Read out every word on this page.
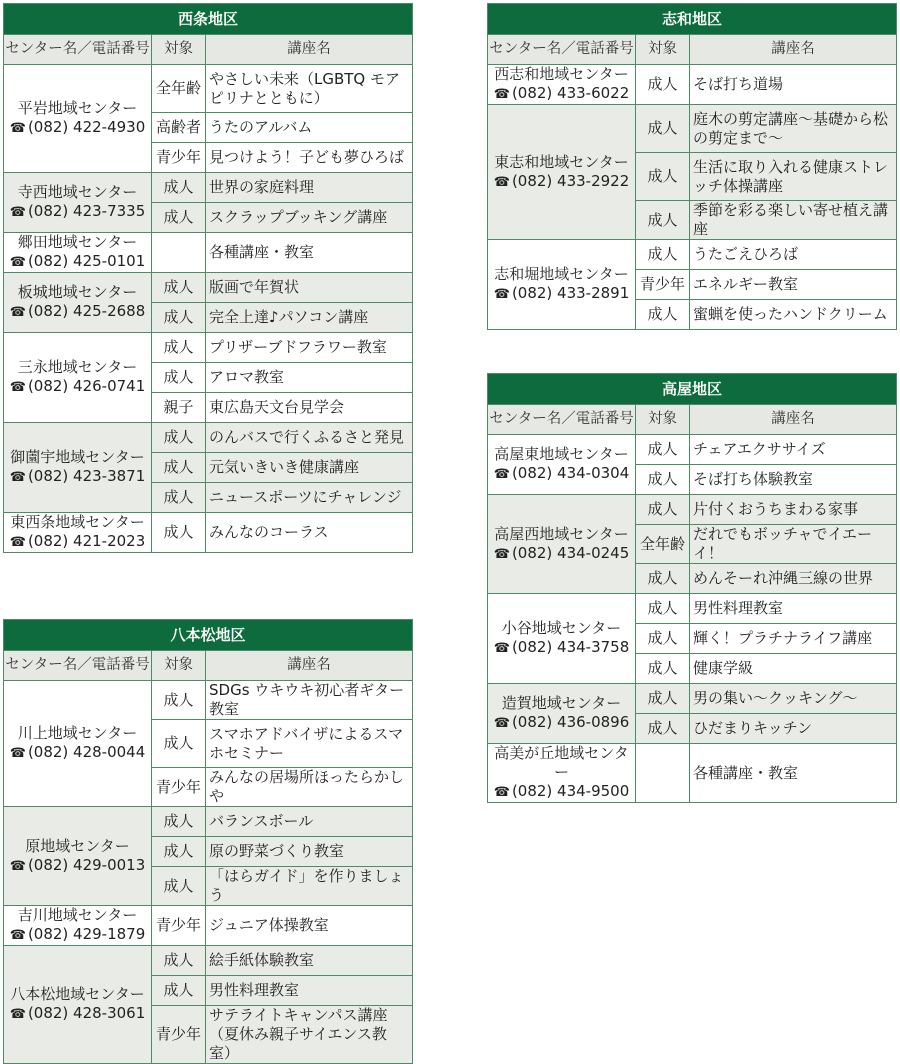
西条地区		
センター名／電話番号	対象	講座名

平岩地域センター
☎ (082) 422-4930	全年齢	やさしい未来（LGBTQ モアピリナとともに）
	高齢者	うたのアルバム
	青少年	見つけよう！子ども夢ひろば

寺西地域センター
☎ (082) 423-7335	成人	世界の家庭料理
	成人	スクラップブッキング講座

郷田地域センター
☎ (082) 425-0101		各種講座・教室

板城地域センター
☎ (082) 425-2688	成人	版画で年賀状
	成人	完全上達♪パソコン講座

三永地域センター
☎ (082) 426-0741	成人	プリザーブドフラワー教室
	成人	アロマ教室
	親子	東広島天文台見学会

御薗宇地域センター
☎ (082) 423-3871	成人	のんバスで行くふるさと発見
	成人	元気いきいき健康講座
	成人	ニュースポーツにチャレンジ

東西条地域センター
☎ (082) 421-2023	成人	みんなのコーラス
八本松地区		
センター名／電話番号	対象	講座名

川上地域センター
☎ (082) 428-0044	成人	SDGs ウキウキ初心者ギター教室
	成人	スマホアドバイザによるスマホセミナー
	青少年	みんなの居場所ほったらかしや

原地域センター
☎ (082) 429-0013	成人	バランスボール
	成人	原の野菜づくり教室
	成人	「はらガイド」を作りましょう

吉川地域センター
☎ (082) 429-1879	青少年	ジュニア体操教室

八本松地域センター
☎ (082) 428-3061	成人	絵手紙体験教室
	成人	男性料理教室
	青少年	サテライトキャンパス講座（夏休み親子サイエンス教室）
志和地区		
センター名／電話番号	対象	講座名

西志和地域センター
☎ (082) 433-6022	成人	そば打ち道場

東志和地域センター
☎ (082) 433-2922	成人	庭木の剪定講座～基礎から松の剪定まで～
	成人	生活に取り入れる健康ストレッチ体操講座
	成人	季節を彩る楽しい寄せ植え講座

志和堀地域センター
☎ (082) 433-2891	成人	うたごえひろば
	青少年	エネルギー教室
	成人	蜜蝋を使ったハンドクリーム
高屋地区		
センター名／電話番号	対象	講座名

高屋東地域センター
☎ (082) 434-0304	成人	チェアエクササイズ
	成人	そば打ち体験教室

高屋西地域センター
☎ (082) 434-0245	成人	片付くおうちまわる家事
	全年齢	だれでもボッチャでイエーイ！
	成人	めんそーれ沖縄三線の世界

小谷地域センター
☎ (082) 434-3758	成人	男性料理教室
	成人	輝く！プラチナライフ講座
	成人	健康学級

造賀地域センター
☎ (082) 436-0896	成人	男の集い～クッキング～
	成人	ひだまりキッチン

高美が丘地域センター
☎ (082) 434-9500		各種講座・教室
